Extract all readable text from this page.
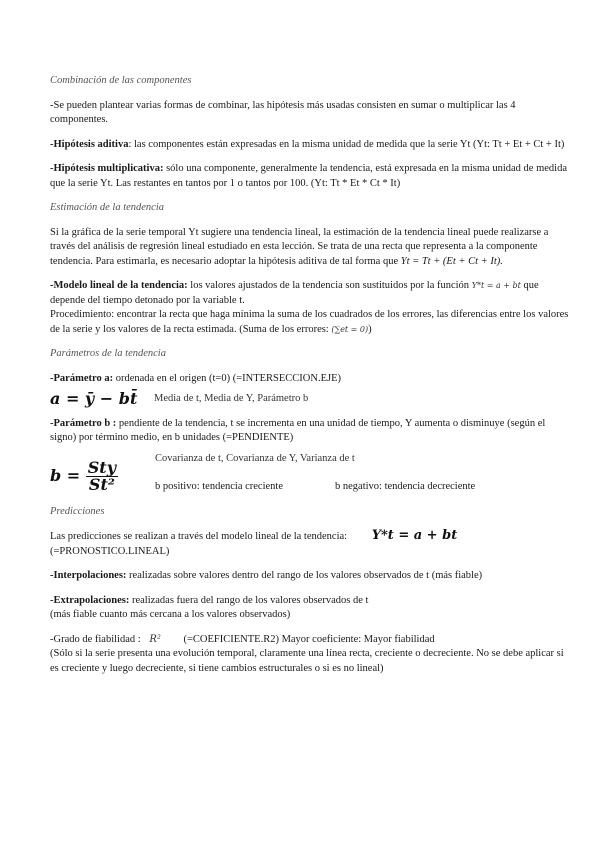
Combinación de las componentes

-Se pueden plantear varias formas de combinar, las hipótesis más usadas consisten en sumar o multiplicar las 4 componentes.

-Hipótesis aditiva: las componentes están expresadas en la misma unidad de medida que la serie Yt (Yt: Tt + Et + Ct + It)

-Hipótesis multiplicativa: sólo una componente, generalmente la tendencia, está expresada en la misma unidad de medida que la serie Yt. Las restantes en tantos por 1 o tantos por 100. (Yt: Tt * Et * Ct * It)

Estimación de la tendencia

Si la gráfica de la serie temporal Yt sugiere una tendencia lineal, la estimación de la tendencia lineal puede realizarse a través del análisis de regresión lineal estudiado en esta lección. Se trata de una recta que representa a la componente tendencia. Para estimarla, es necesario adoptar la hipótesis aditiva de tal forma que Yt = Tt + (Et + Ct + It).

-Modelo lineal de la tendencia: los valores ajustados de la tendencia son sustituidos por la función Y*t = a + bt que depende del tiempo detonado por la variable t.

Procedimiento: encontrar la recta que haga mínima la suma de los cuadrados de los errores, las diferencias entre los valores de la serie y los valores de la recta estimada. (Suma de los errores: (∑et = 0))

Parámetros de la tendencia

-Parámetro a: ordenada en el origen (t=0) (=INTERSECCION.EJE)

a = ȳ − bt̄	Media de t, Media de Y, Parámetro b

-Parámetro b : pendiente de la tendencia, t se incrementa en una unidad de tiempo, Y aumenta o disminuye (según el signo) por término medio, en b unidades (=PENDIENTE)

$b = \frac{\text{Sty}}{\text{St²}}$
Covarianza de t, Covarianza de Y, Varianza de t
b positivo: tendencia creciente	b negativo: tendencia decreciente
Predicciones

Las predicciones se realizan a través del modelo lineal de la tendencia: Y*t = a + bt
(=PRONOSTICO.LINEAL)

-Interpolaciones: realizadas sobre valores dentro del rango de los valores observados de t (más fiable)

-Extrapolaciones: realizadas fuera del rango de los valores observados de t
(más fiable cuanto más cercana a los valores observados)

-Grado de fiabilidad : R² (=COEFICIENTE.R2) Mayor coeficiente: Mayor fiabilidad
(Sólo si la serie presenta una evolución temporal, claramente una línea recta, creciente o decreciente. No se debe aplicar si es creciente y luego decreciente, si tiene cambios estructurales o si es no lineal)
